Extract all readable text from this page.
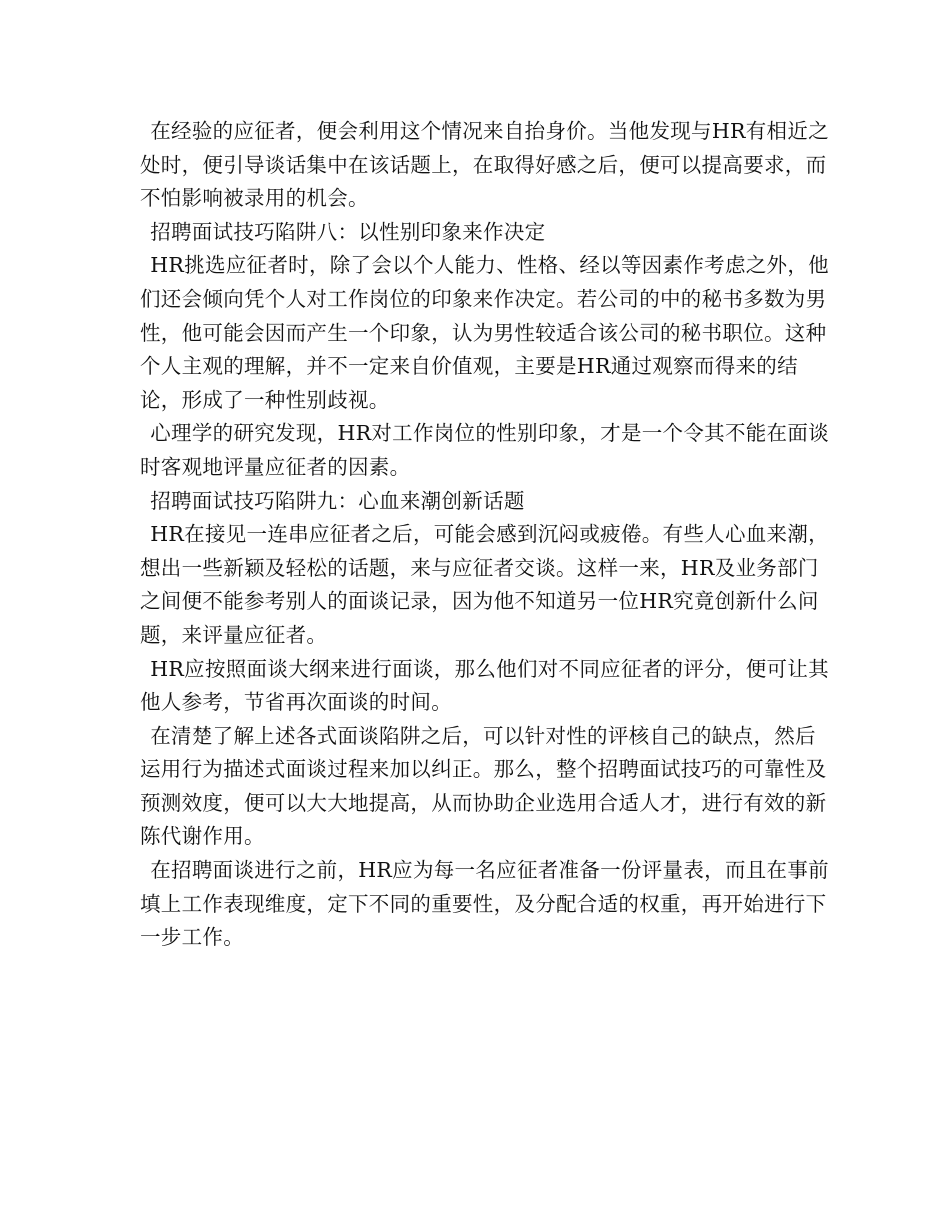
在经验的应征者，便会利用这个情况来自抬身价。当他发现与HR有相近之处时，便引导谈话集中在该话题上，在取得好感之后，便可以提高要求，而不怕影响被录用的机会。

招聘面试技巧陷阱八：以性别印象来作决定

HR挑选应征者时，除了会以个人能力、性格、经以等因素作考虑之外，他们还会倾向凭个人对工作岗位的印象来作决定。若公司的中的秘书多数为男性，他可能会因而产生一个印象，认为男性较适合该公司的秘书职位。这种个人主观的理解，并不一定来自价值观，主要是HR通过观察而得来的结论，形成了一种性别歧视。

心理学的研究发现，HR对工作岗位的性别印象，才是一个令其不能在面谈时客观地评量应征者的因素。

招聘面试技巧陷阱九：心血来潮创新话题

HR在接见一连串应征者之后，可能会感到沉闷或疲倦。有些人心血来潮，想出一些新颖及轻松的话题，来与应征者交谈。这样一来，HR及业务部门之间便不能参考别人的面谈记录，因为他不知道另一位HR究竟创新什么问题，来评量应征者。

HR应按照面谈大纲来进行面谈，那么他们对不同应征者的评分，便可让其他人参考，节省再次面谈的时间。

在清楚了解上述各式面谈陷阱之后，可以针对性的评核自己的缺点，然后运用行为描述式面谈过程来加以纠正。那么，整个招聘面试技巧的可靠性及预测效度，便可以大大地提高，从而协助企业选用合适人才，进行有效的新陈代谢作用。

在招聘面谈进行之前，HR应为每一名应征者准备一份评量表，而且在事前填上工作表现维度，定下不同的重要性，及分配合适的权重，再开始进行下一步工作。
